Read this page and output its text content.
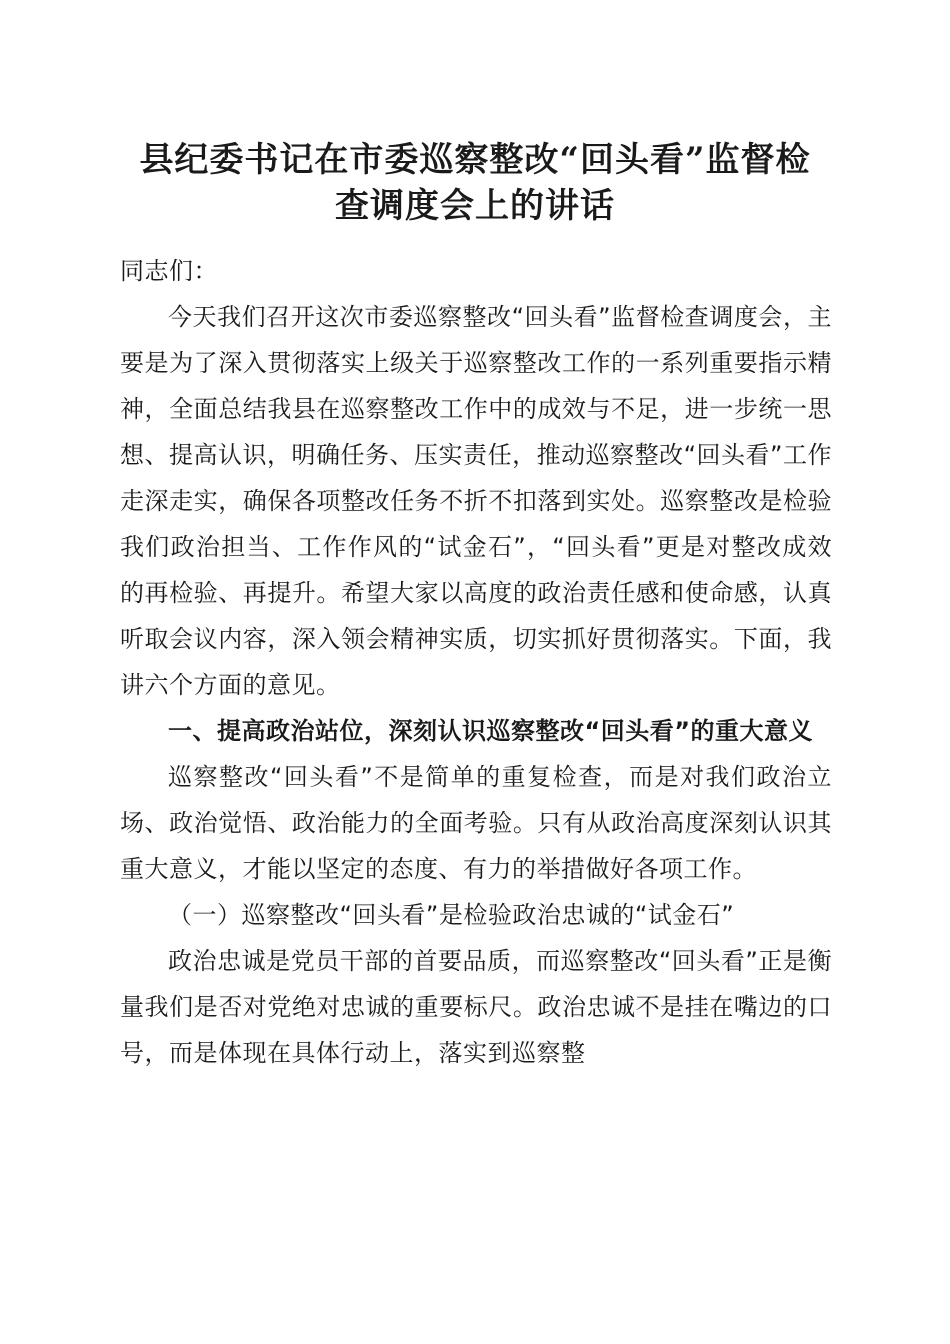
县纪委书记在市委巡察整改“回头看”监督检
查调度会上的讲话

同志们：

今天我们召开这次市委巡察整改“回头看”监督检查调度会，主要是为了深入贯彻落实上级关于巡察整改工作的一系列重要指示精神，全面总结我县在巡察整改工作中的成效与不足，进一步统一思想、提高认识，明确任务、压实责任，推动巡察整改“回头看”工作走深走实，确保各项整改任务不折不扣落到实处。巡察整改是检验我们政治担当、工作作风的“试金石”，“回头看”更是对整改成效的再检验、再提升。希望大家以高度的政治责任感和使命感，认真听取会议内容，深入领会精神实质，切实抓好贯彻落实。下面，我讲六个方面的意见。

一、提高政治站位，深刻认识巡察整改“回头看”的重大意义

巡察整改“回头看”不是简单的重复检查，而是对我们政治立场、政治觉悟、政治能力的全面考验。只有从政治高度深刻认识其重大意义，才能以坚定的态度、有力的举措做好各项工作。

（一）巡察整改“回头看”是检验政治忠诚的“试金石”

政治忠诚是党员干部的首要品质，而巡察整改“回头看”正是衡量我们是否对党绝对忠诚的重要标尺。政治忠诚不是挂在嘴边的口号，而是体现在具体行动上，落实到巡察整
